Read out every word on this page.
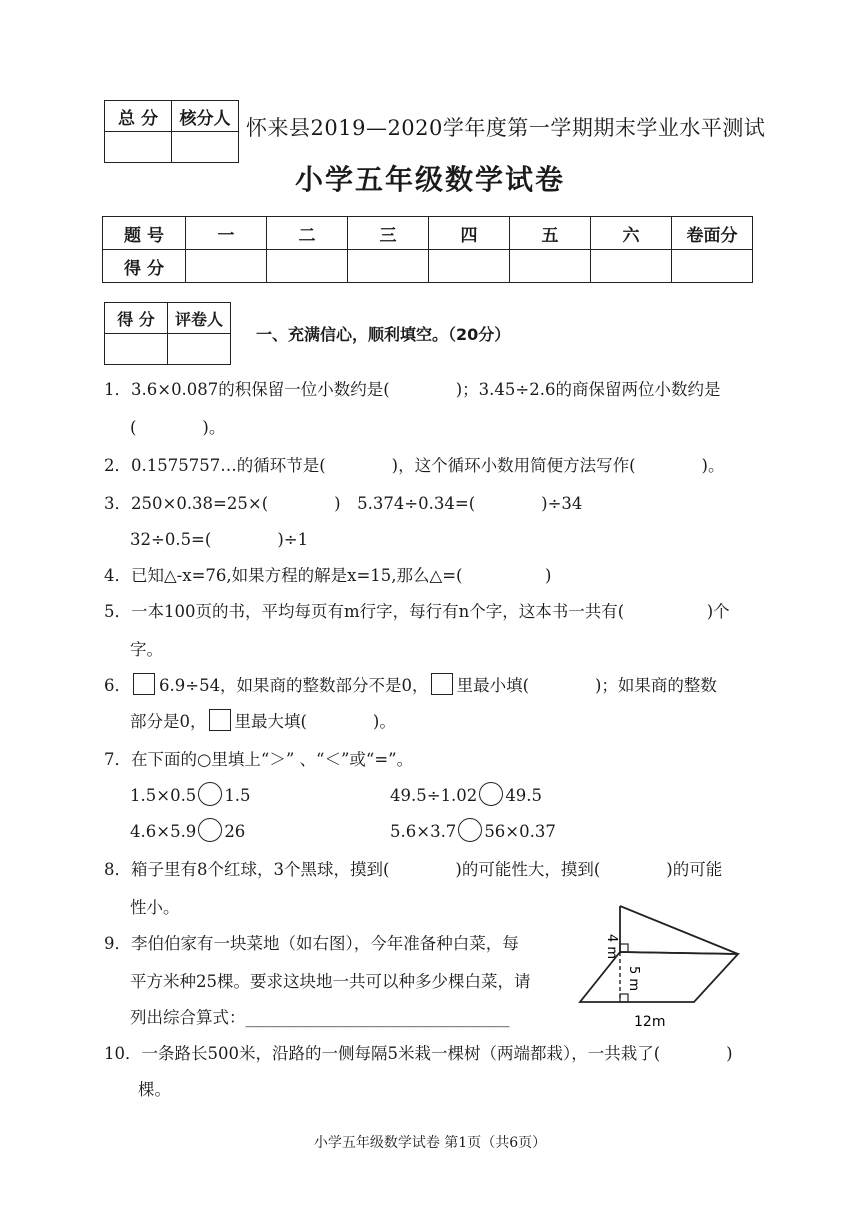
总 分	核分人
	怀来县2019—2020学年度第一学期期末学业水平测试
小学五年级数学试卷
题 号	一	二	三	四	五	六	卷面分
得 分							
得 分	评卷人

一、充满信心，顺利填空。（20分）
1．3.6×0.087的积保留一位小数约是(　　　　)；3.45÷2.6的商保留两位小数约是
(　　　　)。
2．0.1575757…的循环节是(　　　　)，这个循环小数用简便方法写作(　　　　)。
3．250×0.38=25×(　　　　)　5.374÷0.34=(　　　　)÷34
32÷0.5=(　　　　)÷1
4．已知△-x=76,如果方程的解是x=15,那么△=(　　　　　)
5．一本100页的书，平均每页有m行字，每行有n个字，这本书一共有(　　　　　)个
字。
6． 6.9÷54，如果商的整数部分不是0， 里最小填(　　　　)；如果商的整数
部分是0， 里最大填(　　　　)。
7．在下面的○里填上“＞” 、“＜”或“=”。
1.5×0.5 1.5	49.5÷1.02 49.5
4.6×5.9 26	5.6×3.7 56×0.37
8．箱子里有8个红球，3个黑球，摸到(　　　　)的可能性大，摸到(　　　　)的可能
性小。
9．李伯伯家有一块菜地（如右图），今年准备种白菜，每
平方米种25棵。要求这块地一共可以种多少棵白菜，请
列出综合算式：________________________________
4 m
5 m
12m
10．一条路长500米，沿路的一侧每隔5米栽一棵树（两端都栽），一共栽了(　　　　)
棵。
小学五年级数学试卷 第1页（共6页）
